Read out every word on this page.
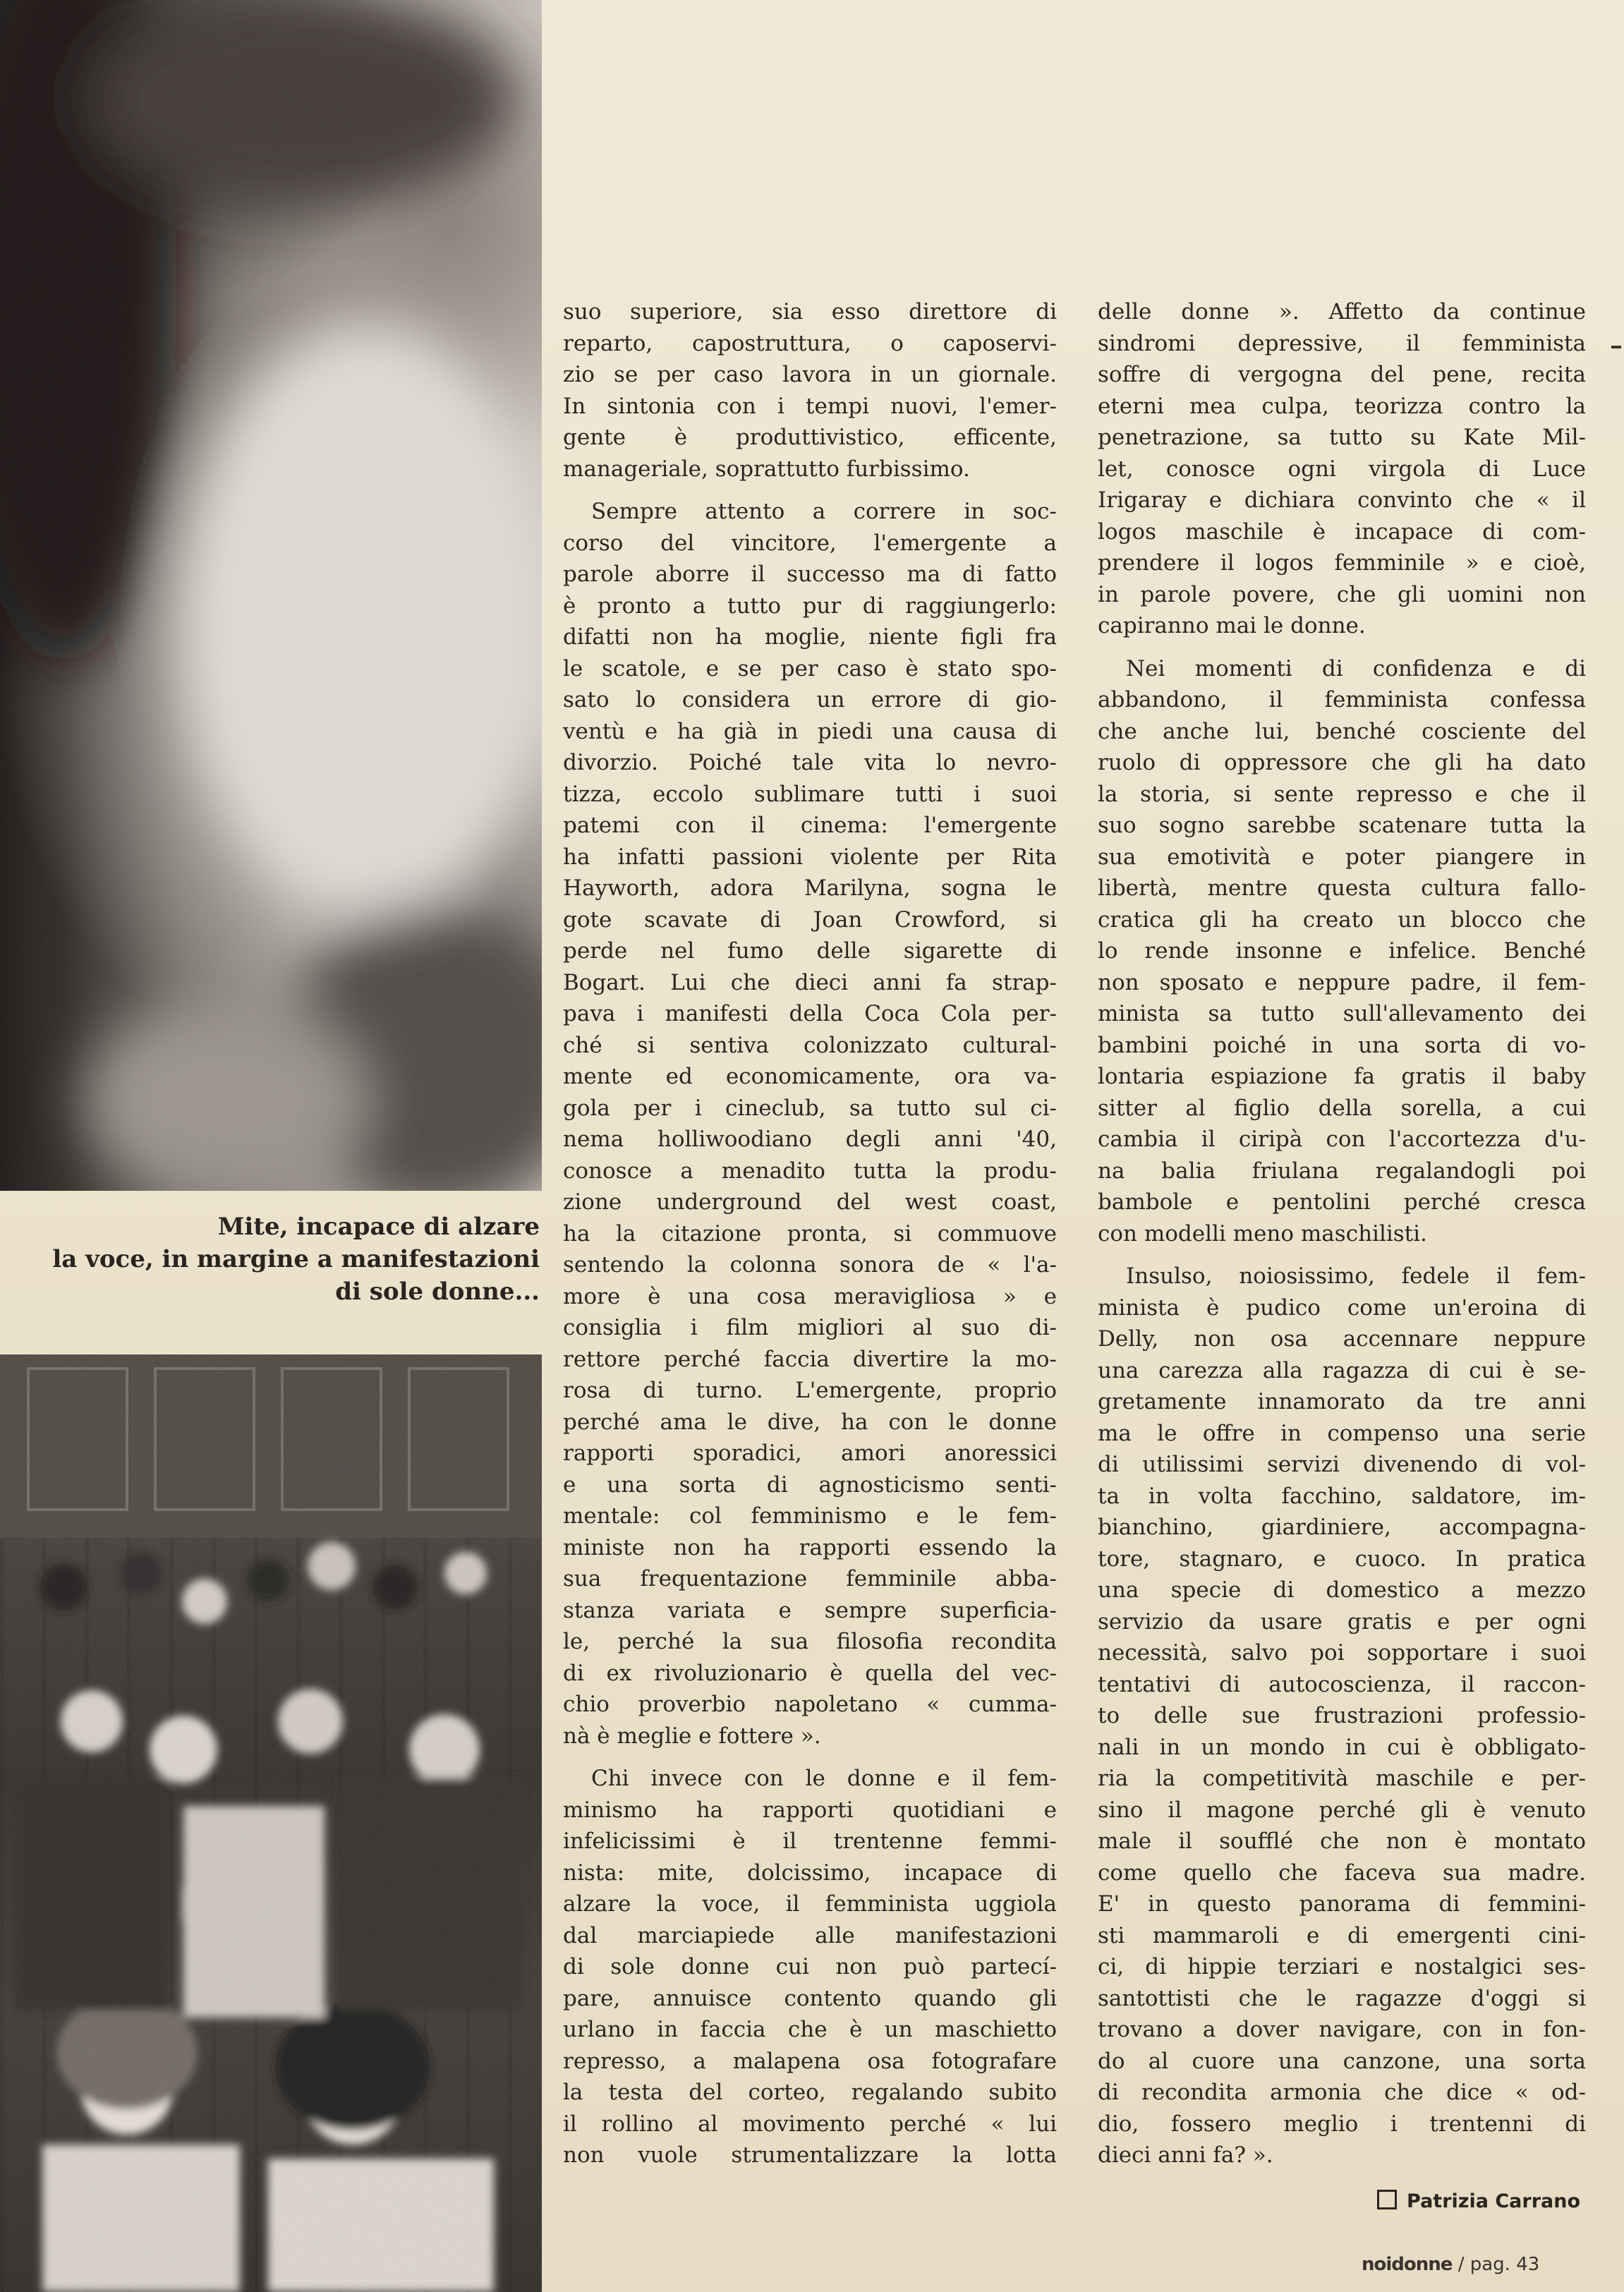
Mite, incapace di alzare
la voce, in margine a manifestazioni
di sole donne...
suo superiore, sia esso direttore di
reparto, capostruttura, o caposervi-
zio se per caso lavora in un giornale.
In sintonia con i tempi nuovi, l'emer-
gente è produttivistico, efficente,
manageriale, soprattutto furbissimo.
Sempre attento a correre in soc-
corso del vincitore, l'emergente a
parole aborre il successo ma di fatto
è pronto a tutto pur di raggiungerlo:
difatti non ha moglie, niente figli fra
le scatole, e se per caso è stato spo-
sato lo considera un errore di gio-
ventù e ha già in piedi una causa di
divorzio. Poiché tale vita lo nevro-
tizza, eccolo sublimare tutti i suoi
patemi con il cinema: l'emergente
ha infatti passioni violente per Rita
Hayworth, adora Marilyna, sogna le
gote scavate di Joan Crowford, si
perde nel fumo delle sigarette di
Bogart. Lui che dieci anni fa strap-
pava i manifesti della Coca Cola per-
ché si sentiva colonizzato cultural-
mente ed economicamente, ora va-
gola per i cineclub, sa tutto sul ci-
nema holliwoodiano degli anni '40,
conosce a menadito tutta la produ-
zione underground del west coast,
ha la citazione pronta, si commuove
sentendo la colonna sonora de « l'a-
more è una cosa meravigliosa » e
consiglia i film migliori al suo di-
rettore perché faccia divertire la mo-
rosa di turno. L'emergente, proprio
perché ama le dive, ha con le donne
rapporti sporadici, amori anoressici
e una sorta di agnosticismo senti-
mentale: col femminismo e le fem-
ministe non ha rapporti essendo la
sua frequentazione femminile abba-
stanza variata e sempre superficia-
le, perché la sua filosofia recondita
di ex rivoluzionario è quella del vec-
chio proverbio napoletano « cumma-
nà è meglie e fottere ».
Chi invece con le donne e il fem-
minismo ha rapporti quotidiani e
infelicissimi è il trentenne femmi-
nista: mite, dolcissimo, incapace di
alzare la voce, il femminista uggiola
dal marciapiede alle manifestazioni
di sole donne cui non può partecí-
pare, annuisce contento quando gli
urlano in faccia che è un maschietto
represso, a malapena osa fotografare
la testa del corteo, regalando subito
il rollino al movimento perché « lui
non vuole strumentalizzare la lotta
delle donne ». Affetto da continue
sindromi depressive, il femminista
soffre di vergogna del pene, recita
eterni mea culpa, teorizza contro la
penetrazione, sa tutto su Kate Mil-
let, conosce ogni virgola di Luce
Irigaray e dichiara convinto che « il
logos maschile è incapace di com-
prendere il logos femminile » e cioè,
in parole povere, che gli uomini non
capiranno mai le donne.
Nei momenti di confidenza e di
abbandono, il femminista confessa
che anche lui, benché cosciente del
ruolo di oppressore che gli ha dato
la storia, si sente represso e che il
suo sogno sarebbe scatenare tutta la
sua emotività e poter piangere in
libertà, mentre questa cultura fallo-
cratica gli ha creato un blocco che
lo rende insonne e infelice. Benché
non sposato e neppure padre, il fem-
minista sa tutto sull'allevamento dei
bambini poiché in una sorta di vo-
lontaria espiazione fa gratis il baby
sitter al figlio della sorella, a cui
cambia il ciripà con l'accortezza d'u-
na balia friulana regalandogli poi
bambole e pentolini perché cresca
con modelli meno maschilisti.
Insulso, noiosissimo, fedele il fem-
minista è pudico come un'eroina di
Delly, non osa accennare neppure
una carezza alla ragazza di cui è se-
gretamente innamorato da tre anni
ma le offre in compenso una serie
di utilissimi servizi divenendo di vol-
ta in volta facchino, saldatore, im-
bianchino, giardiniere, accompagna-
tore, stagnaro, e cuoco. In pratica
una specie di domestico a mezzo
servizio da usare gratis e per ogni
necessità, salvo poi sopportare i suoi
tentativi di autocoscienza, il raccon-
to delle sue frustrazioni professio-
nali in un mondo in cui è obbligato-
ria la competitività maschile e per-
sino il magone perché gli è venuto
male il soufflé che non è montato
come quello che faceva sua madre.
E' in questo panorama di femmini-
sti mammaroli e di emergenti cini-
ci, di hippie terziari e nostalgici ses-
santottisti che le ragazze d'oggi si
trovano a dover navigare, con in fon-
do al cuore una canzone, una sorta
di recondita armonia che dice « od-
dio, fossero meglio i trentenni di
dieci anni fa? ».
Patrizia Carrano
noidonne / pag. 43
